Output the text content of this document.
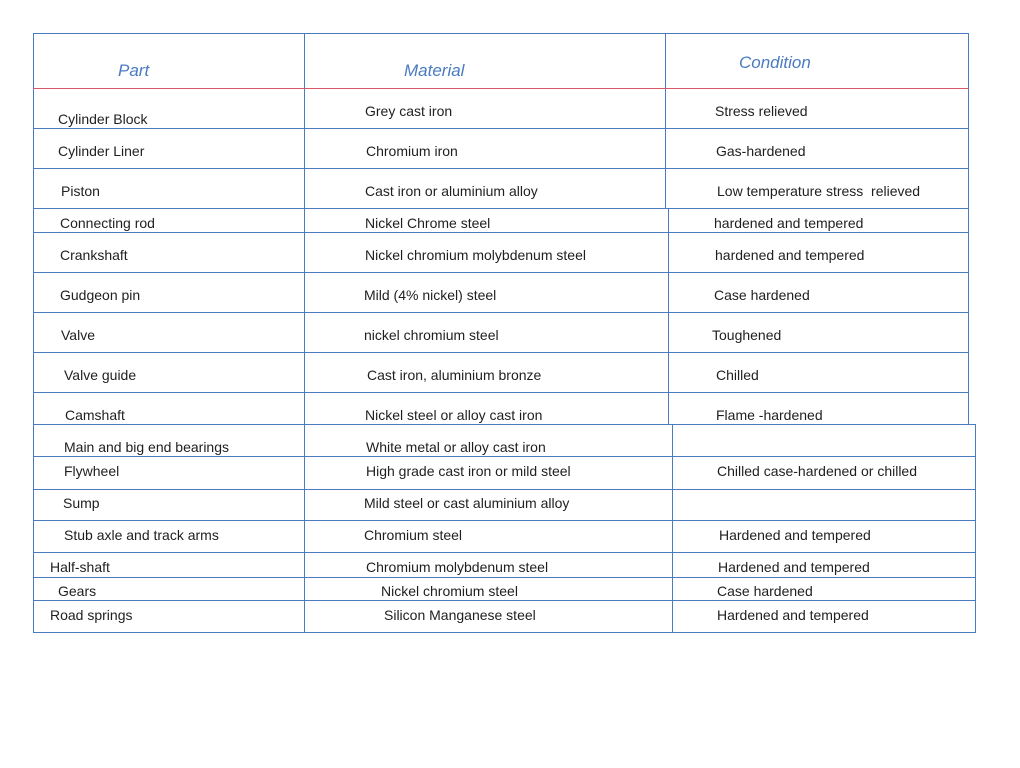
Part	Material	Condition
Cylinder Block	Grey cast iron	Stress relieved
Cylinder Liner	Chromium iron	Gas-hardened
Piston	Cast iron or aluminium alloy	Low temperature stress  relieved
Connecting rod	Nickel Chrome steel	hardened and tempered
Crankshaft	Nickel chromium molybdenum steel	hardened and tempered
Gudgeon pin	Mild (4% nickel) steel	Case hardened
Valve	nickel chromium steel	Toughened
Valve guide	Cast iron, aluminium bronze	Chilled
Camshaft	Nickel steel or alloy cast iron	Flame -hardened
Main and big end bearings	White metal or alloy cast iron
Flywheel	High grade cast iron or mild steel	Chilled case-hardened or chilled
Sump	Mild steel or cast aluminium alloy
Stub axle and track arms	Chromium steel	Hardened and tempered
Half-shaft	Chromium molybdenum steel	Hardened and tempered
Gears	Nickel chromium steel	Case hardened
Road springs	Silicon Manganese steel	Hardened and tempered
